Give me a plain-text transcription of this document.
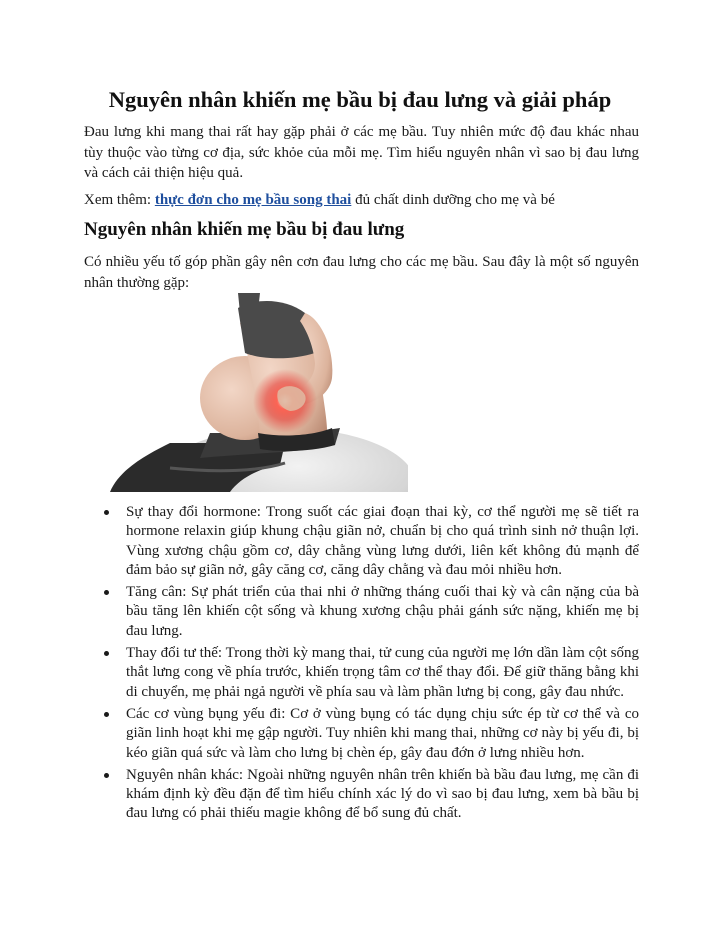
Nguyên nhân khiến mẹ bầu bị đau lưng và giải pháp

Đau lưng khi mang thai rất hay gặp phải ở các mẹ bầu. Tuy nhiên mức độ đau khác nhau tùy thuộc vào từng cơ địa, sức khỏe của mỗi mẹ. Tìm hiểu nguyên nhân vì sao bị đau lưng và cách cải thiện hiệu quả.

Xem thêm: thực đơn cho mẹ bầu song thai đủ chất dinh dưỡng cho mẹ và bé

Nguyên nhân khiến mẹ bầu bị đau lưng

Có nhiều yếu tố góp phần gây nên cơn đau lưng cho các mẹ bầu. Sau đây là một số nguyên nhân thường gặp:

Sự thay đổi hormone: Trong suốt các giai đoạn thai kỳ, cơ thể người mẹ sẽ tiết ra hormone relaxin giúp khung chậu giãn nở, chuẩn bị cho quá trình sinh nở thuận lợi. Vùng xương chậu gồm cơ, dây chằng vùng lưng dưới, liên kết không đủ mạnh để đảm bảo sự giãn nở, gây căng cơ, căng dây chằng và đau mỏi nhiều hơn.
Tăng cân: Sự phát triển của thai nhi ở những tháng cuối thai kỳ và cân nặng của bà bầu tăng lên khiến cột sống và khung xương chậu phải gánh sức nặng, khiến mẹ bị đau lưng.
Thay đổi tư thế: Trong thời kỳ mang thai, tử cung của người mẹ lớn dần làm cột sống thắt lưng cong về phía trước, khiến trọng tâm cơ thể thay đổi. Để giữ thăng bằng khi di chuyển, mẹ phải ngả người về phía sau và làm phần lưng bị cong, gây đau nhức.
Các cơ vùng bụng yếu đi: Cơ ở vùng bụng có tác dụng chịu sức ép từ cơ thể và co giãn linh hoạt khi mẹ gập người. Tuy nhiên khi mang thai, những cơ này bị yếu đi, bị kéo giãn quá sức và làm cho lưng bị chèn ép, gây đau đớn ở lưng nhiều hơn.
Nguyên nhân khác: Ngoài những nguyên nhân trên khiến bà bầu đau lưng, mẹ cần đi khám định kỳ đều đặn để tìm hiểu chính xác lý do vì sao bị đau lưng, xem bà bầu bị đau lưng có phải thiếu magie không để bổ sung đủ chất.
